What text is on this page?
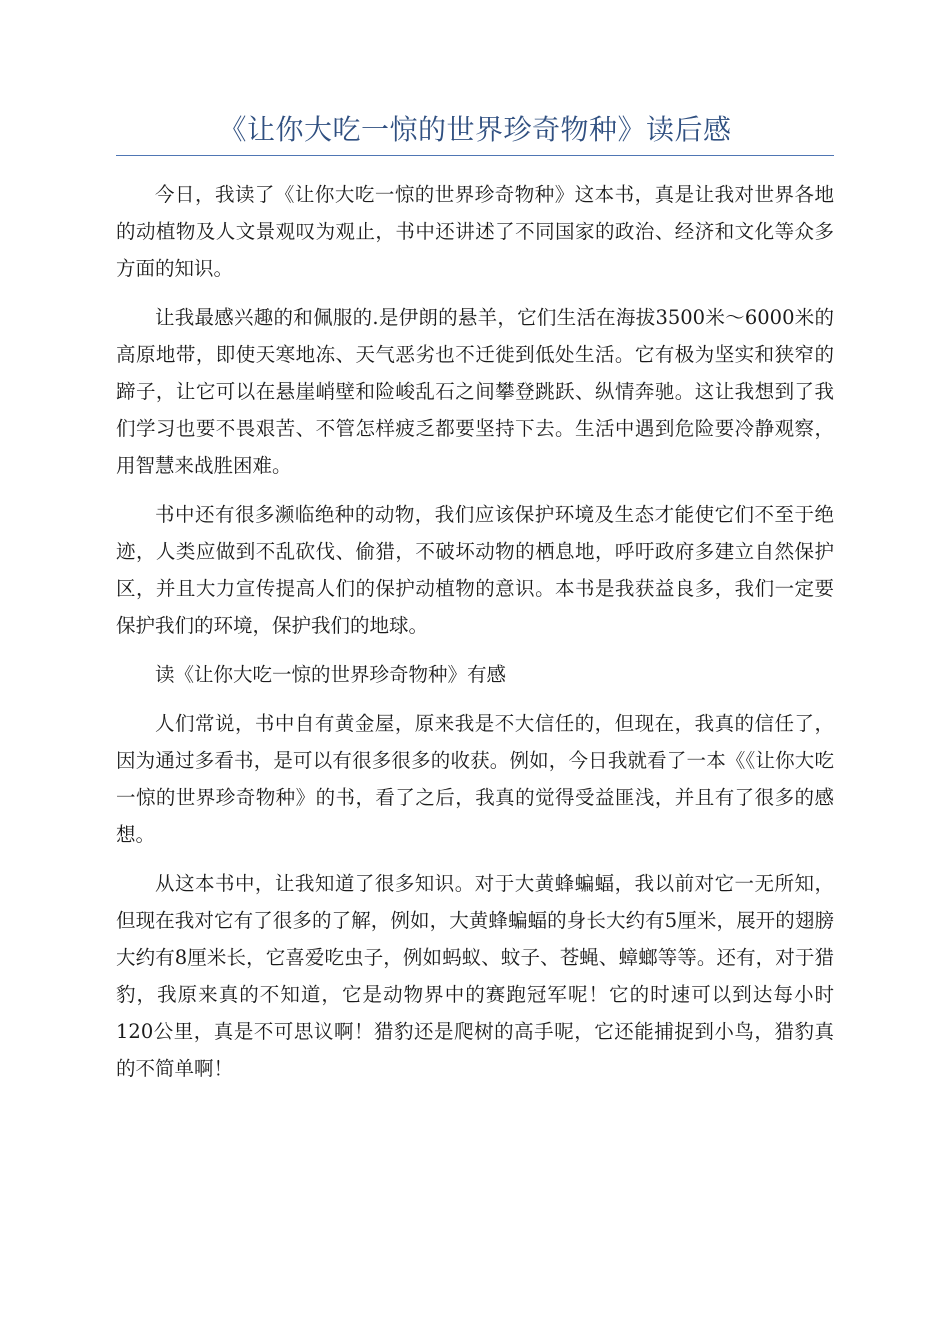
《让你大吃一惊的世界珍奇物种》读后感

今日，我读了《让你大吃一惊的世界珍奇物种》这本书，真是让我对世界各地的动植物及人文景观叹为观止，书中还讲述了不同国家的政治、经济和文化等众多方面的知识。

让我最感兴趣的和佩服的.是伊朗的悬羊，它们生活在海拔3500米～6000米的高原地带，即使天寒地冻、天气恶劣也不迁徙到低处生活。它有极为坚实和狭窄的蹄子，让它可以在悬崖峭壁和险峻乱石之间攀登跳跃、纵情奔驰。这让我想到了我们学习也要不畏艰苦、不管怎样疲乏都要坚持下去。生活中遇到危险要冷静观察，用智慧来战胜困难。

书中还有很多濒临绝种的动物，我们应该保护环境及生态才能使它们不至于绝迹，人类应做到不乱砍伐、偷猎，不破坏动物的栖息地，呼吁政府多建立自然保护区，并且大力宣传提高人们的保护动植物的意识。本书是我获益良多，我们一定要保护我们的环境，保护我们的地球。

读《让你大吃一惊的世界珍奇物种》有感

人们常说，书中自有黄金屋，原来我是不大信任的，但现在，我真的信任了，因为通过多看书，是可以有很多很多的收获。例如，今日我就看了一本《《让你大吃一惊的世界珍奇物种》的书，看了之后，我真的觉得受益匪浅，并且有了很多的感想。

从这本书中，让我知道了很多知识。对于大黄蜂蝙蝠，我以前对它一无所知，但现在我对它有了很多的了解，例如，大黄蜂蝙蝠的身长大约有5厘米，展开的翅膀大约有8厘米长，它喜爱吃虫子，例如蚂蚁、蚊子、苍蝇、蟑螂等等。还有，对于猎豹，我原来真的不知道，它是动物界中的赛跑冠军呢！它的时速可以到达每小时120公里，真是不可思议啊！猎豹还是爬树的高手呢，它还能捕捉到小鸟，猎豹真的不简单啊！
